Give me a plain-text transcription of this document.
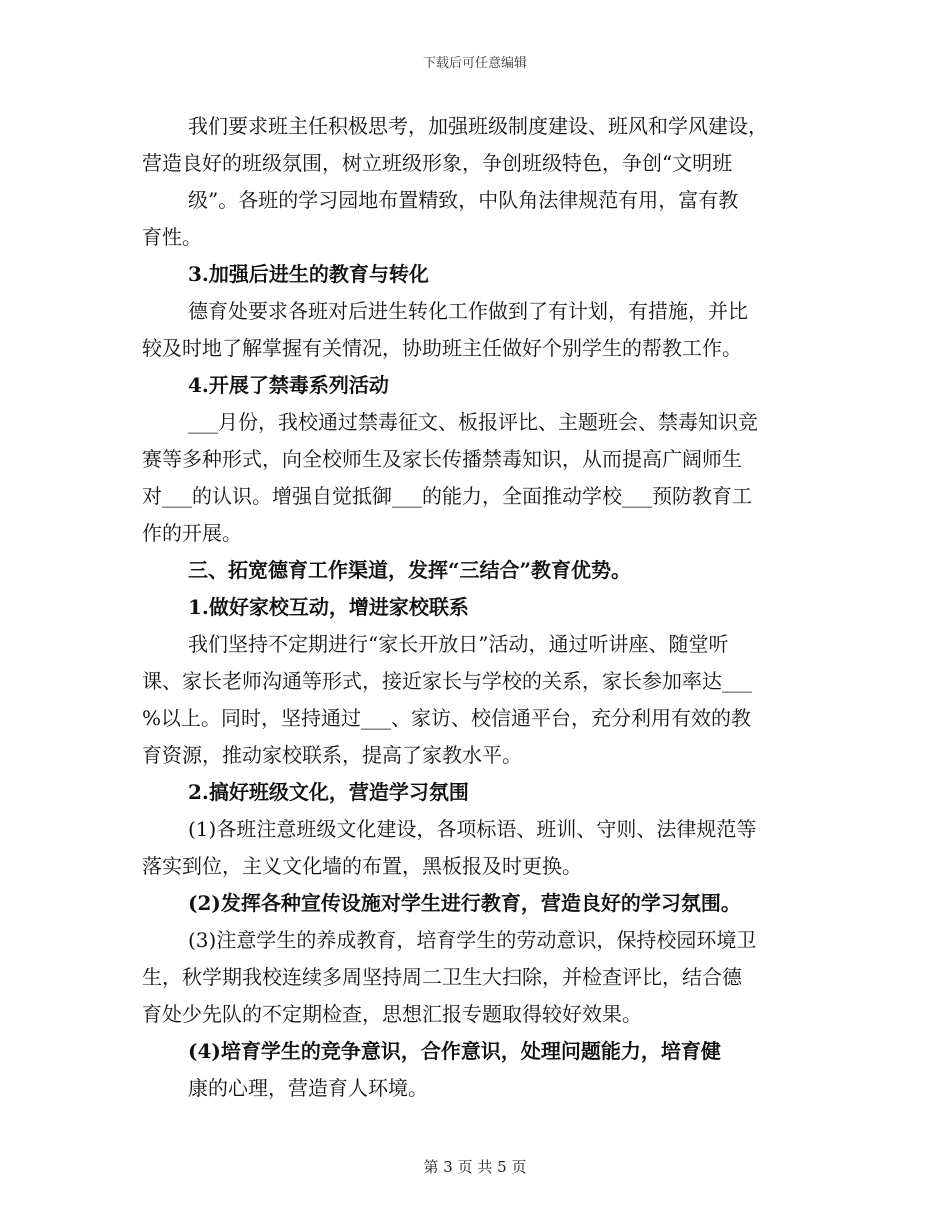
下载后可任意编辑
我们要求班主任积极思考，加强班级制度建设、班风和学风建设，
营造良好的班级氛围，树立班级形象，争创班级特色，争创“文明班
级”。各班的学习园地布置精致，中队角法律规范有用，富有教
育性。
3.加强后进生的教育与转化
德育处要求各班对后进生转化工作做到了有计划，有措施，并比
较及时地了解掌握有关情况，协助班主任做好个别学生的帮教工作。
4.开展了禁毒系列活动
___月份，我校通过禁毒征文、板报评比、主题班会、禁毒知识竞
赛等多种形式，向全校师生及家长传播禁毒知识，从而提高广阔师生
对___的认识。增强自觉抵御___的能力，全面推动学校___预防教育工
作的开展。
三、拓宽德育工作渠道，发挥“三结合”教育优势。
1.做好家校互动，增进家校联系
我们坚持不定期进行“家长开放日”活动，通过听讲座、随堂听
课、家长老师沟通等形式，接近家长与学校的关系，家长参加率达___
%以上。同时，坚持通过___、家访、校信通平台，充分利用有效的教
育资源，推动家校联系，提高了家教水平。
2.搞好班级文化，营造学习氛围
(1)各班注意班级文化建设，各项标语、班训、守则、法律规范等
落实到位，主义文化墙的布置，黑板报及时更换。
(2)发挥各种宣传设施对学生进行教育，营造良好的学习氛围。
(3)注意学生的养成教育，培育学生的劳动意识，保持校园环境卫
生，秋学期我校连续多周坚持周二卫生大扫除，并检查评比，结合德
育处少先队的不定期检查，思想汇报专题取得较好效果。
(4)培育学生的竞争意识，合作意识，处理问题能力，培育健
康的心理，营造育人环境。
第 3 页 共 5 页
